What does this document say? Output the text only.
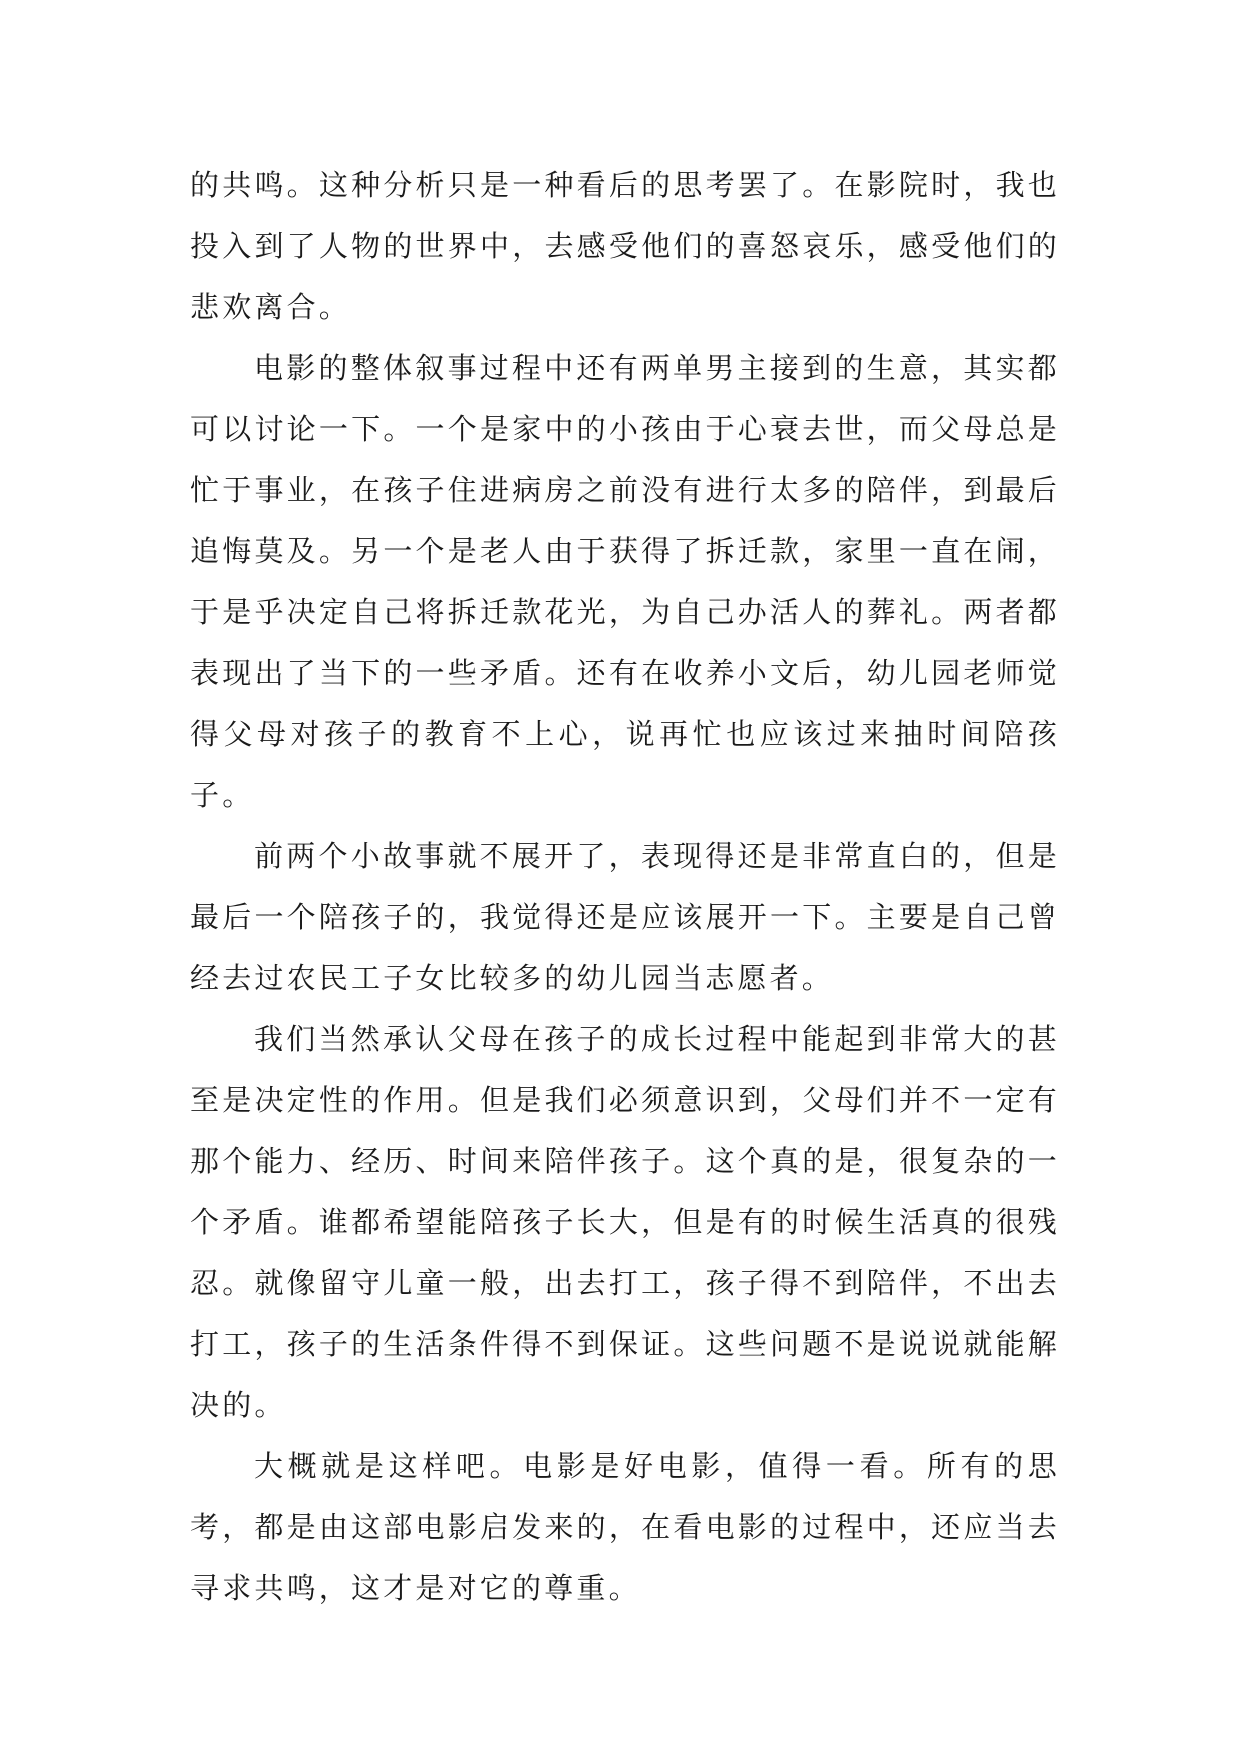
的共鸣。这种分析只是一种看后的思考罢了。在影院时，我也投入到了人物的世界中，去感受他们的喜怒哀乐，感受他们的悲欢离合。

电影的整体叙事过程中还有两单男主接到的生意，其实都可以讨论一下。一个是家中的小孩由于心衰去世，而父母总是忙于事业，在孩子住进病房之前没有进行太多的陪伴，到最后追悔莫及。另一个是老人由于获得了拆迁款，家里一直在闹，于是乎决定自己将拆迁款花光，为自己办活人的葬礼。两者都表现出了当下的一些矛盾。还有在收养小文后，幼儿园老师觉得父母对孩子的教育不上心，说再忙也应该过来抽时间陪孩子。

前两个小故事就不展开了，表现得还是非常直白的，但是最后一个陪孩子的，我觉得还是应该展开一下。主要是自己曾经去过农民工子女比较多的幼儿园当志愿者。

我们当然承认父母在孩子的成长过程中能起到非常大的甚至是决定性的作用。但是我们必须意识到，父母们并不一定有那个能力、经历、时间来陪伴孩子。这个真的是，很复杂的一个矛盾。谁都希望能陪孩子长大，但是有的时候生活真的很残忍。就像留守儿童一般，出去打工，孩子得不到陪伴，不出去打工，孩子的生活条件得不到保证。这些问题不是说说就能解决的。

大概就是这样吧。电影是好电影，值得一看。所有的思考，都是由这部电影启发来的，在看电影的过程中，还应当去寻求共鸣，这才是对它的尊重。
